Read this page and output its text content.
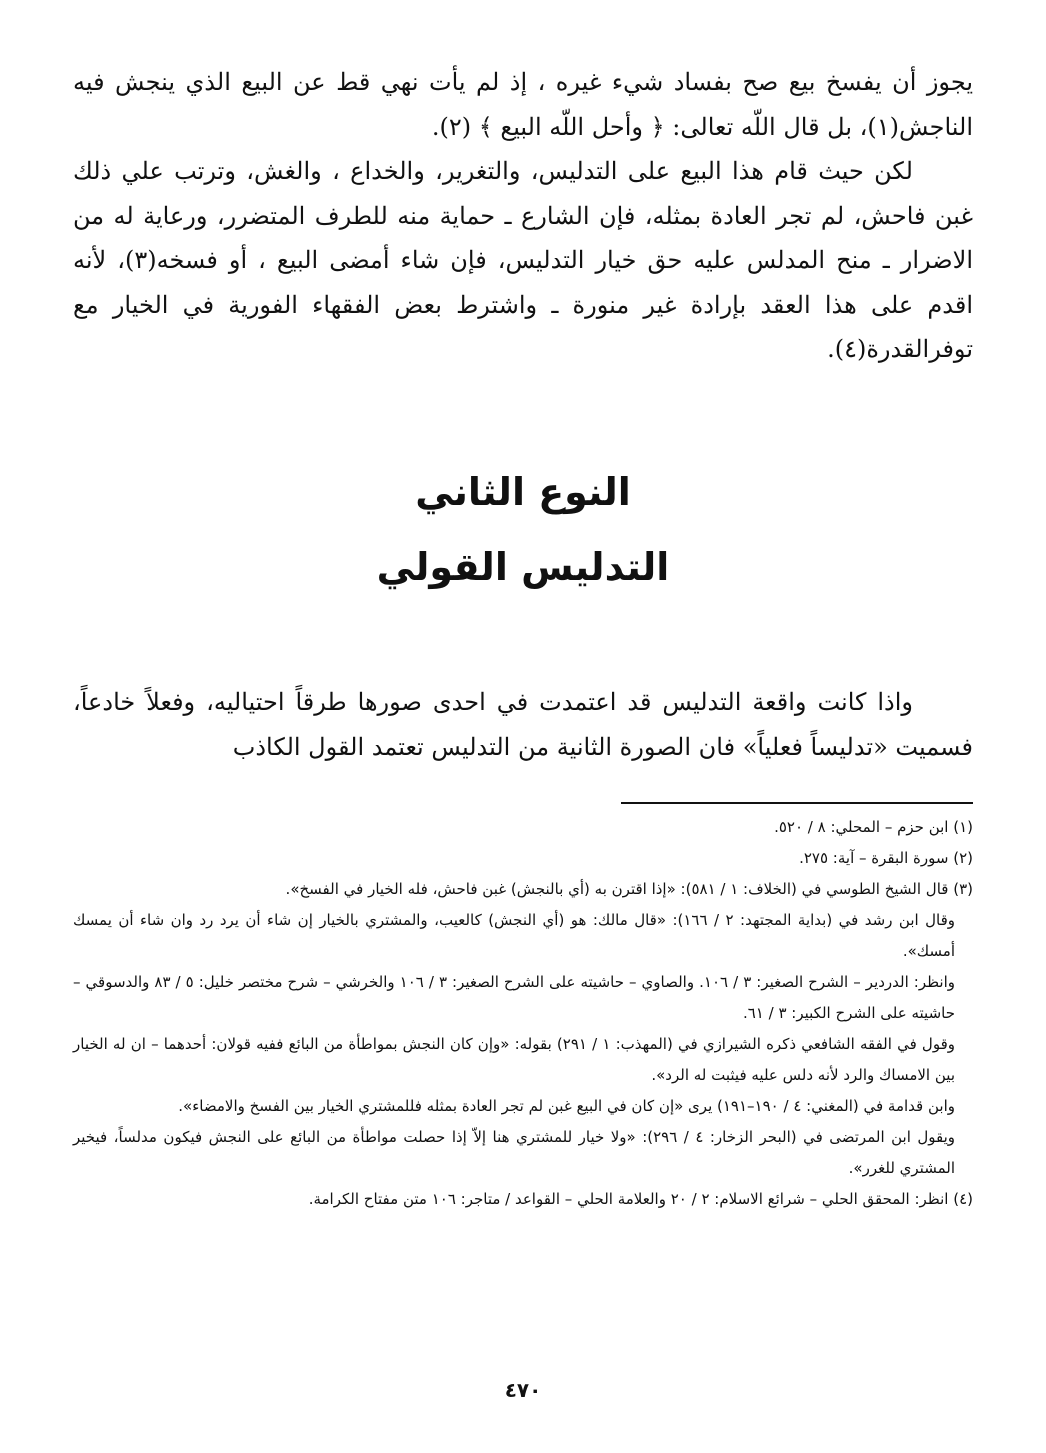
يجوز أن يفسخ بيع صح بفساد شيء غيره ، إذ لم يأت نهي قط عن البيع الذي ينجش فيه الناجش(١)، بل قال اللّه تعالى: ﴿ وأحل اللّه البيع ﴾ (٢).

لكن حيث قام هذا البيع على التدليس، والتغرير، والخداع ، والغش، وترتب علي ذلك غبن فاحش، لم تجر العادة بمثله، فإن الشارع ـ حماية منه للطرف المتضرر، ورعاية له من الاضرار ـ منح المدلس عليه حق خيار التدليس، فإن شاء أمضى البيع ، أو فسخه(٣)، لأنه اقدم على هذا العقد بإرادة غير منورة ـ واشترط بعض الفقهاء الفورية في الخيار مع توفرالقدرة(٤).

النوع الثاني
التدليس القولي

واذا كانت واقعة التدليس قد اعتمدت في احدى صورها طرقاً احتياليه، وفعلاً خادعاً، فسميت «تدليساً فعلياً» فان الصورة الثانية من التدليس تعتمد القول الكاذب

(١) ابن حزم – المحلي: ٨ / ٥٢٠.

(٢) سورة البقرة – آية: ٢٧٥.

(٣) قال الشيخ الطوسي في (الخلاف: ١ / ٥٨١): «إذا اقترن به (أي بالنجش) غبن فاحش، فله الخيار في الفسخ».

وقال ابن رشد في (بداية المجتهد: ٢ / ١٦٦): «قال مالك: هو (أي النجش) كالعيب، والمشتري بالخيار إن شاء أن يرد رد وان شاء أن يمسك أمسك».

وانظر: الدردير – الشرح الصغير: ٣ / ١٠٦. والصاوي – حاشيته على الشرح الصغير: ٣ / ١٠٦ والخرشي – شرح مختصر خليل: ٥ / ٨٣ والدسوقي – حاشيته على الشرح الكبير: ٣ / ٦١.

وقول في الفقه الشافعي ذكره الشيرازي في (المهذب: ١ / ٢٩١) بقوله: «وإن كان النجش بمواطأة من البائع ففيه قولان: أحدهما – ان له الخيار بين الامساك والرد لأنه دلس عليه فيثبت له الرد».

وابن قدامة في (المغني: ٤ / ١٩٠–١٩١) يرى «إن كان في البيع غبن لم تجر العادة بمثله فللمشتري الخيار بين الفسخ والامضاء».

ويقول ابن المرتضى في (البحر الزخار: ٤ / ٢٩٦): «ولا خيار للمشتري هنا إلاّ إذا حصلت مواطأة من البائع على النجش فيكون مدلساً، فيخير المشتري للغرر».

(٤) انظر: المحقق الحلي – شرائع الاسلام: ٢ / ٢٠ والعلامة الحلي – القواعد / متاجر: ١٠٦ متن مفتاح الكرامة.

٤٧٠
